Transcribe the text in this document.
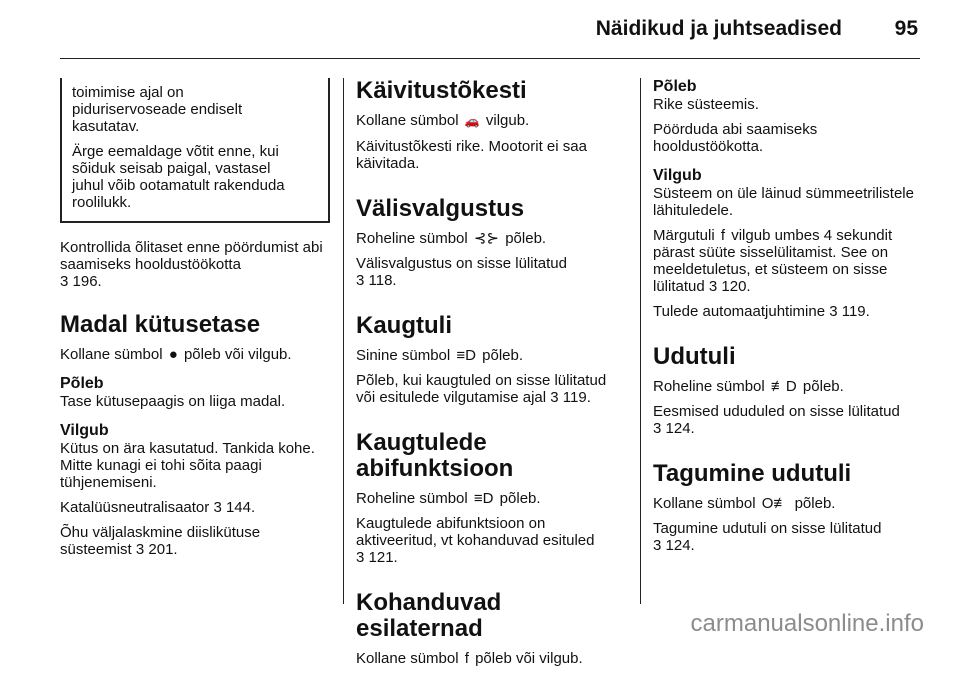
Näidikud ja juhtseadised	95

toimimise ajal on
piduriservoseade endiselt
kasutatav.

Ärge eemaldage võtit enne, kui
sõiduk seisab paigal, vastasel
juhul võib ootamatult rakenduda
roolilukk.

Kontrollida õlitaset enne pöördumist abi saamiseks hooldustöökotta
3 196.

Madal kütusetase

Kollane sümbol ● põleb või vilgub.

Põleb

Tase kütusepaagis on liiga madal.

Vilgub

Kütus on ära kasutatud. Tankida kohe. Mitte kunagi ei tohi sõita paagi tühjenemiseni.

Katalüüsneutralisaator 3 144.

Õhu väljalaskmine diislikütuse süsteemist 3 201.

Käivitustõkesti

Kollane sümbol 🚗 vilgub.

Käivitustõkesti rike. Mootorit ei saa käivitada.

Välisvalgustus

Roheline sümbol ⊰⊱ põleb.

Välisvalgustus on sisse lülitatud
3 118.

Kaugtuli

Sinine sümbol ≡D põleb.

Põleb, kui kaugtuled on sisse lülitatud või esitulede vilgutamise ajal 3 119.

Kaugtulede abifunktsioon

Roheline sümbol ≡D põleb.

Kaugtulede abifunktsioon on aktiveeritud, vt kohanduvad esituled
3 121.

Kohanduvad esilaternad

Kollane sümbol f põleb või vilgub.

Põleb

Rike süsteemis.

Pöörduda abi saamiseks hooldustöökotta.

Vilgub

Süsteem on üle läinud sümmeetrilistele lähituledele.

Märgutuli f vilgub umbes 4 sekundit pärast süüte sisselülitamist. See on meeldetuletus, et süsteem on sisse lülitatud 3 120.

Tulede automaatjuhtimine 3 119.

Udutuli

Roheline sümbol ≢D põleb.

Eesmised ududuled on sisse lülitatud 3 124.

Tagumine udutuli

Kollane sümbol O≢ põleb.

Tagumine udutuli on sisse lülitatud
3 124.

carmanualsonline.info
